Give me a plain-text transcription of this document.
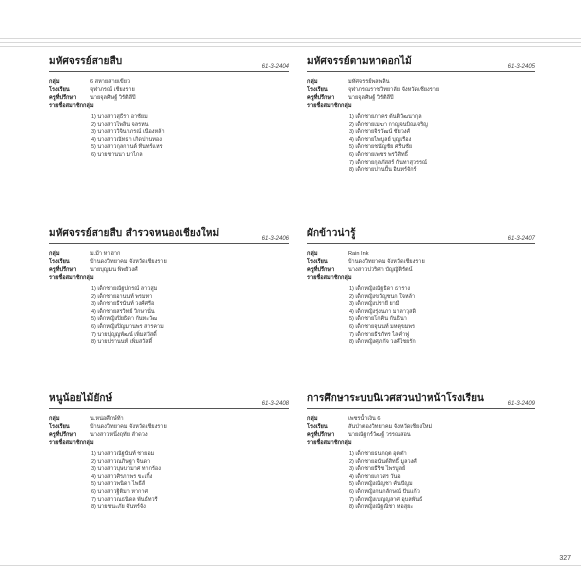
มหัศจรรย์สายสืบ	61-3-2404
กลุ่ม	6 สหายสายเขียว
โรงเรียน	จุฬาภรณ์ เชียงราย
ครูที่ปรึกษา	นายจุลศิษฐ์ วิรัติลีปี
รายชื่อสมาชิกกลุ่ม
1) นางสาวสุธีรา อาชัยม
2) นางสาวไพลิน จลรหน
3) นางสาววิจินาภรณ์ เนืองหล้า
4) นางสาวณัทธา เกิดปานทอง
5) นางสาวกุลกานต์ ทีนทร์แหร
6) นายชานนา มาไกล
มหัศจรรย์สายสืบ สำรวจหนองเชียงใหม่	61-3-2406
กลุ่ม	ม.ม้า หาฮาก
โรงเรียน	บ้านดงวิทยาคม จังหวัดเชียงราย
ครูที่ปรึกษา	นายบุญมน พิพยัวงศ์
รายชื่อสมาชิกกลุ่ม
1) เด็กชายณัฐปกรณ์ ลาวสูม
2) เด็กชายอานนท์ พรมทา
3) เด็กชายธีรนันท์ วงศ์ศรีอ
4) เด็กชายสรวิทย์ วิกษานั่น
5) เด็กหญิงปิยธิดา กันทะวัฒ
6) เด็กหญิงปิญมานพร สารคาม
7) นายปุญญพัฒน์ เพิ่มสวัสดิ์
8) นายปรานนท์ เพิ่มสวัสดิ์
หนูน้อยไม้ยักษ์	61-3-2408
กลุ่ม	น.หน่อศึกษ์ท้า
โรงเรียน	บ้านดงวิทยาคม จังหวัดเชียงราย
ครูที่ปรึกษา	นางสาวหนึ่งฤทัย ลำดวง
รายชื่อสมาชิกกลุ่ม
1) นางสาวณัฐนันท์ ชายอม
2) นางสาวณภิษฐา จินดา
3) นางสาวบุษบามาศ ทากร้อง
4) นางสาวศิรภาพร ขะเกิ้ง
5) นางสาวพนิดา ไพธีส์
6) นางสาวฐิติมา หากาศ
7) นางสาวณธนิดล พันธ์ทวรี
8) นายชนะภัย จันทร์จัง
มหัศจรรย์ตามหาดอกไม้	61-3-2405
กลุ่ม	มหัศจรรย์พลพลิน
โรงเรียน	จุฬาภรณราชวิทยาลัย จังหวัดเชียงราย
ครูที่ปรึกษา	นายจุลศิษฐ์ วิรัติลีปี
รายชื่อสมาชิกกลุ่ม
1) เด็กชายภาคร ต้นติวัฒนากุล
2) เด็กชายเมฆา กาญจนบิณเจริญ
3) เด็กชายจิรวัฒน์ ชัยวงศ์
4) เด็กชายไพบูลย์ บุญเรือง
5) เด็กชายชนัญชัย ศรีนชัย
6) เด็กชายเพชร พรวิสิทธิ์
7) เด็กชายกุลภัสสร์ กันทาสุวรรณ์
8) เด็กชายปานปั้น อินทร์จักร์
ผักข้าวน่ารู้	61-3-2407
กลุ่ม	Rain Ink
โรงเรียน	บ้านดงวิทยาคม จังหวัดเชียงราย
ครูที่ปรึกษา	นางสาวปวริศา บัญญัติรัตน์
รายชื่อสมาชิกกลุ่ม
1) เด็กหญิงณัฐธิดา ธาราง
2) เด็กหญิงขวัญชนก ใจหล้า
3) เด็กหญิงปรายี ยามี
4) เด็กหญิงรุ่งนภา มาลาวุสดิ
5) เด็กชายโกคิน กันธินา
6) เด็กชายจุนนท์ มหตุขมพร
7) เด็กชายธีรภัทร ไลคำฟู
8) เด็กหญิงศุภกัจ วงศ์ไชยรัก
การศึกษาระบบนิเวศสวนป่าหน้าโรงเรียน	61-3-2409
กลุ่ม	เพชรน้ำเงิน 6
โรงเรียน	สันป่าตองวิทยาคม จังหวัดเชียงใหม่
ครูที่ปรึกษา	นายณัฐกร์วัฒฐ์ วรรณสอน
รายชื่อสมาชิกกลุ่ม
1) เด็กชายธนกฤต อุตต๋า
2) เด็กชายอนันต์สิทธิ์ มูลวงศ์
3) เด็กชายธีริช ไพรบูลย์
4) เด็กชายเกวสร วันอ
5) เด็กหญิงณัญชา คันปัญม
6) เด็กหญิงกนกลักษณ์ ปันแก้ว
7) เด็กหญิงเบญญลาศ อุบลพันธ์
8) เด็กหญิงณัฐณิชา หอสุยะ
327
